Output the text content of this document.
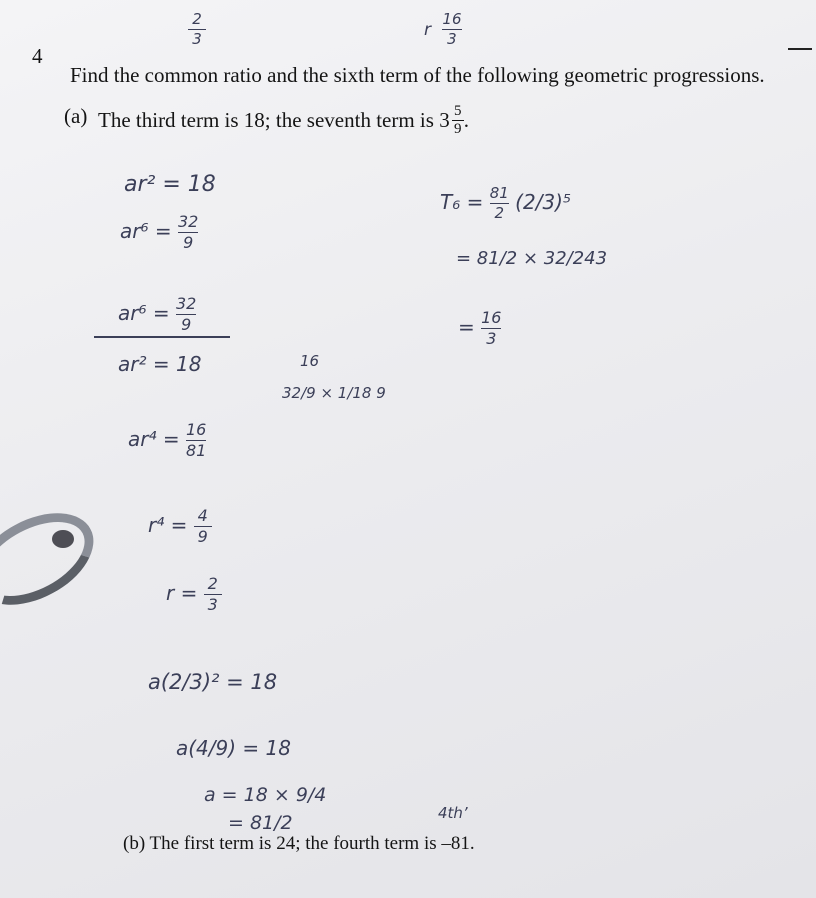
4
Find the common ratio and the sixth term of the following geometric progressions.
(a) The third term is 18; the seventh term is $3 \frac{5}{9}$ .
(b) The first term is 24; the fourth term is –81.
$\frac{2}{3}$	r $\frac{16}{3}$
ar² = 18
$ar^6 = \frac{32}{9}$
$ar^6 = \frac{32}{9}$
ar² = 18	16
32/9 × 1/18 9
$ar^4 = \frac{16}{81}$
$r^4 = \frac{4}{9}$
$r = \frac{2}{3}$
a(2/3)² = 18
a(4/9) = 18
a = 18 × 9/4
= 81/2
$T_6 = \frac{81}{2} (2/3)^5$
= 81/2 × 32/243
= $\frac{16}{3}$
4th’
